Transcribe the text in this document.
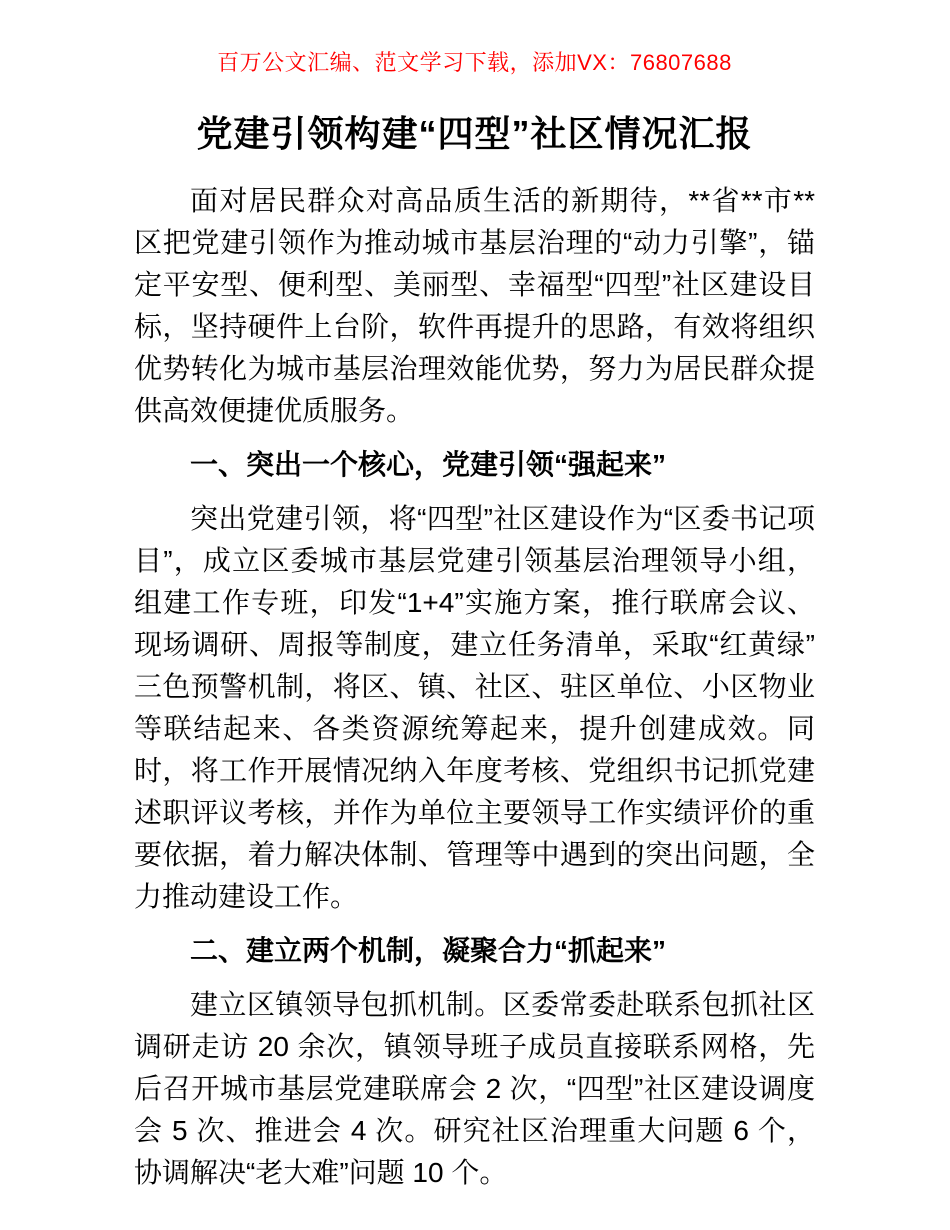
百万公文汇编、范文学习下载，添加VX：76807688
党建引领构建“四型”社区情况汇报

面对居民群众对高品质生活的新期待，**省**市**区把党建引领作为推动城市基层治理的“动力引擎”，锚定平安型、便利型、美丽型、幸福型“四型”社区建设目标，坚持硬件上台阶，软件再提升的思路，有效将组织优势转化为城市基层治理效能优势，努力为居民群众提供高效便捷优质服务。

一、突出一个核心，党建引领“强起来”

突出党建引领，将“四型”社区建设作为“区委书记项目”，成立区委城市基层党建引领基层治理领导小组，组建工作专班，印发“1+4”实施方案，推行联席会议、现场调研、周报等制度，建立任务清单，采取“红黄绿”三色预警机制，将区、镇、社区、驻区单位、小区物业等联结起来、各类资源统筹起来，提升创建成效。同时，将工作开展情况纳入年度考核、党组织书记抓党建述职评议考核，并作为单位主要领导工作实绩评价的重要依据，着力解决体制、管理等中遇到的突出问题，全力推动建设工作。

二、建立两个机制，凝聚合力“抓起来”

建立区镇领导包抓机制。区委常委赴联系包抓社区调研走访 20 余次，镇领导班子成员直接联系网格，先后召开城市基层党建联席会 2 次，“四型”社区建设调度会 5 次、推进会 4 次。研究社区治理重大问题 6 个，协调解决“老大难”问题 10 个。
